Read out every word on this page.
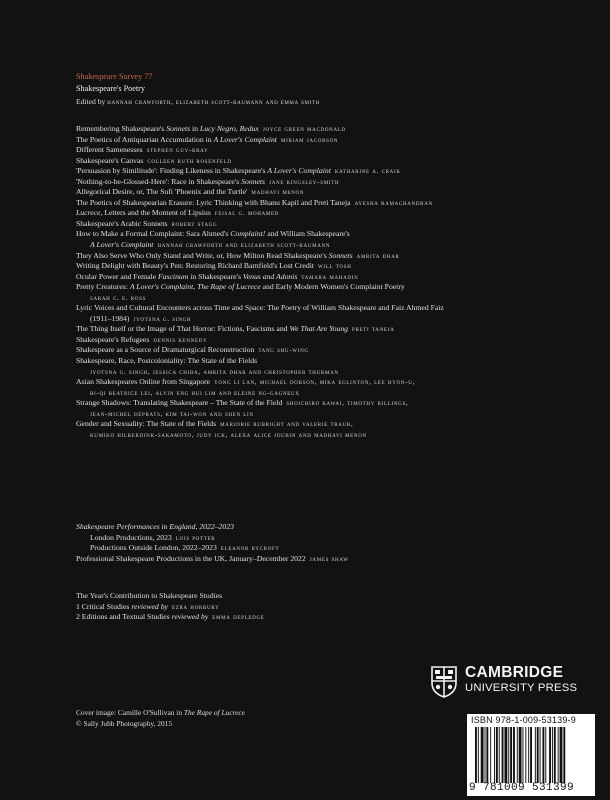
Shakespeare Survey 77
Shakespeare's Poetry
Edited by hannah crawforth, elizabeth scott-baumann and emma smith
Remembering Shakespeare's Sonnets in Lucy Negro, Redux joyce green macdonald
The Poetics of Antiquarian Accumulation in A Lover's Complaint miriam jacobson
Different Samenesses stephen guy-bray
Shakespeare's Canvas colleen ruth rosenfeld
'Persuasion by Similitude': Finding Likeness in Shakespeare's A Lover's Complaint katharine a. craik
'Nothing-to-be-Glossed-Here': Race in Shakespeare's Sonnets jane kingsley-smith
Allegorical Desire, or, The Sufi 'Phoenix and the Turtle' madhavi menon
The Poetics of Shakespearian Erasure: Lyric Thinking with Bhanu Kapil and Preti Taneja ayesha ramachandran
Lucrece, Letters and the Moment of Lipsius feisal g. mohamed
Shakespeare's Arabic Sonnets robert stagg
How to Make a Formal Complaint: Sara Ahmed's Complaint! and William Shakespeare's
A Lover's Complaint hannah crawforth and elizabeth scott-baumann
They Also Serve Who Only Stand and Write, or, How Milton Read Shakespeare's Sonnets amrita dhar
Writing Delight with Beauty's Pen: Restoring Richard Barnfield's Lost Credit will tosh
Ocular Power and Female Fascinum in Shakespeare's Venus and Adonis tamara mahadin
Pretty Creatures: A Lover's Complaint, The Rape of Lucrece and Early Modern Women's Complaint Poetry
sarah c. e. ross
Lyric Voices and Cultural Encounters across Time and Space: The Poetry of William Shakespeare and Faiz Ahmed Faiz
(1911–1984) jyotsna g. singh
The Thing Itself or the Image of That Horror: Fictions, Fascisms and We That Are Young preti taneja
Shakespeare's Refugees dennis kennedy
Shakespeare as a Source of Dramaturgical Reconstruction tang shu-wing
Shakespeare, Race, Postcoloniality: The State of the Fields
jyotsna g. singh, jessica chiba, amrita dhar and christopher thurman
Asian Shakespeares Online from Singapore yong li lan, michael dobson, mika eglinton, lee hyon-u,
bi-qi beatrice lei, alvin eng hui lim and eleine ng-gagneux
Strange Shadows: Translating Shakespeare – The State of the Field shoichiro kawai, timothy billings,
jean-michel déprats, kim tai-won and shen lin
Gender and Sexuality: The State of the Fields marjorie rubright and valerie traub,
kumiko hilberdink-sakamoto, judy ick, alexa alice joubin and madhavi menon
Shakespeare Performances in England, 2022–2023
London Productions, 2023 lois potter
Productions Outside London, 2022–2023 eleanor rycroft
Professional Shakespeare Productions in the UK, January–December 2022 james shaw
The Year's Contribution to Shakespeare Studies
1 Critical Studies reviewed by ezra horbury
2 Editions and Textual Studies reviewed by emma depledge
Cover image: Camille O'Sullivan in The Rape of Lucrece
© Sally Jubb Photography, 2015
CAMBRIDGE
UNIVERSITY PRESS
ISBN 978-1-009-53139-9
9 781009 531399
